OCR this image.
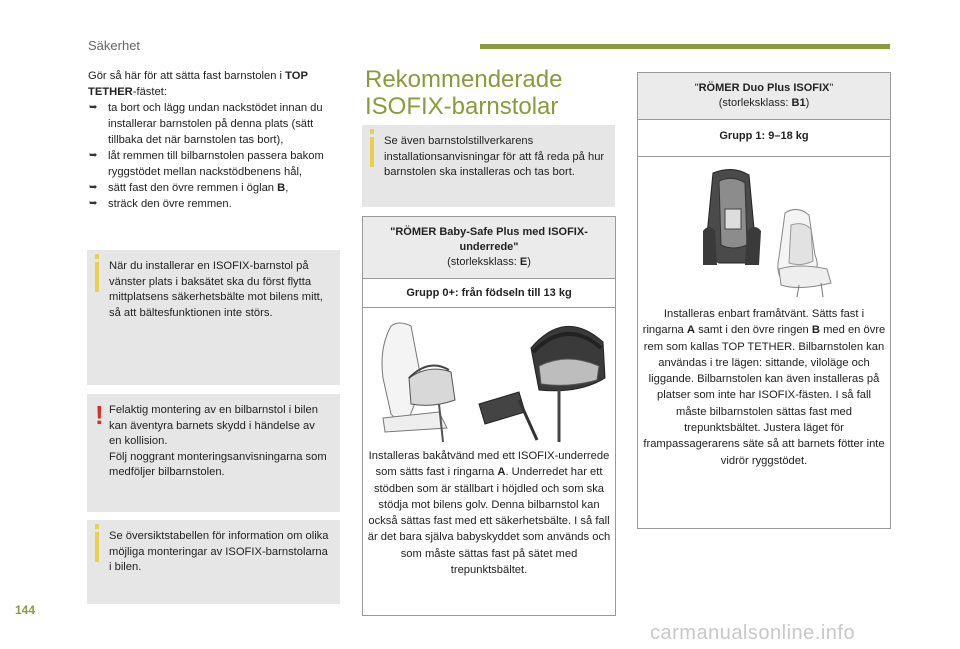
Säkerhet
Gör så här för att sätta fast barnstolen i TOP TETHER-fästet:
➥ ta bort och lägg undan nackstödet innan du installerar barnstolen på denna plats (sätt tillbaka det när barnstolen tas bort),
➥ låt remmen till bilbarnstolen passera bakom ryggstödet mellan nackstödbenens hål,
➥ sätt fast den övre remmen i öglan B,
➥ sträck den övre remmen.
När du installerar en ISOFIX-barnstol på vänster plats i baksätet ska du först flytta mittplatsens säkerhetsbälte mot bilens mitt, så att bältesfunktionen inte störs.
! Felaktig montering av en bilbarnstol i bilen kan äventyra barnets skydd i händelse av en kollision.
Följ noggrant monteringsanvisningarna som medföljer bilbarnstolen.
Se översiktstabellen för information om olika möjliga monteringar av ISOFIX-barnstolarna i bilen.
Rekommenderade
ISOFIX-barnstolar
Se även barnstolstillverkarens installationsanvisningar för att få reda på hur barnstolen ska installeras och tas bort.
"RÖMER Baby-Safe Plus med ISOFIX-underrede"
(storleksklass: E)
Grupp 0+: från födseln till 13 kg
Installeras bakåtvänd med ett ISOFIX-underrede som sätts fast i ringarna A. Underredet har ett stödben som är ställbart i höjdled och som ska stödja mot bilens golv. Denna bilbarnstol kan också sättas fast med ett säkerhetsbälte. I så fall är det bara själva babyskyddet som används och som måste sättas fast på sätet med trepunktsbältet.
"RÖMER Duo Plus ISOFIX"
(storleksklass: B1)
Grupp 1: 9–18 kg
Installeras enbart framåtvänt. Sätts fast i ringarna A samt i den övre ringen B med en övre rem som kallas TOP TETHER. Bilbarnstolen kan användas i tre lägen: sittande, viloläge och liggande. Bilbarnstolen kan även installeras på platser som inte har ISOFIX-fästen. I så fall måste bilbarnstolen sättas fast med trepunktsbältet. Justera läget för frampassagerarens säte så att barnets fötter inte vidrör ryggstödet.
144
carmanualsonline.info
